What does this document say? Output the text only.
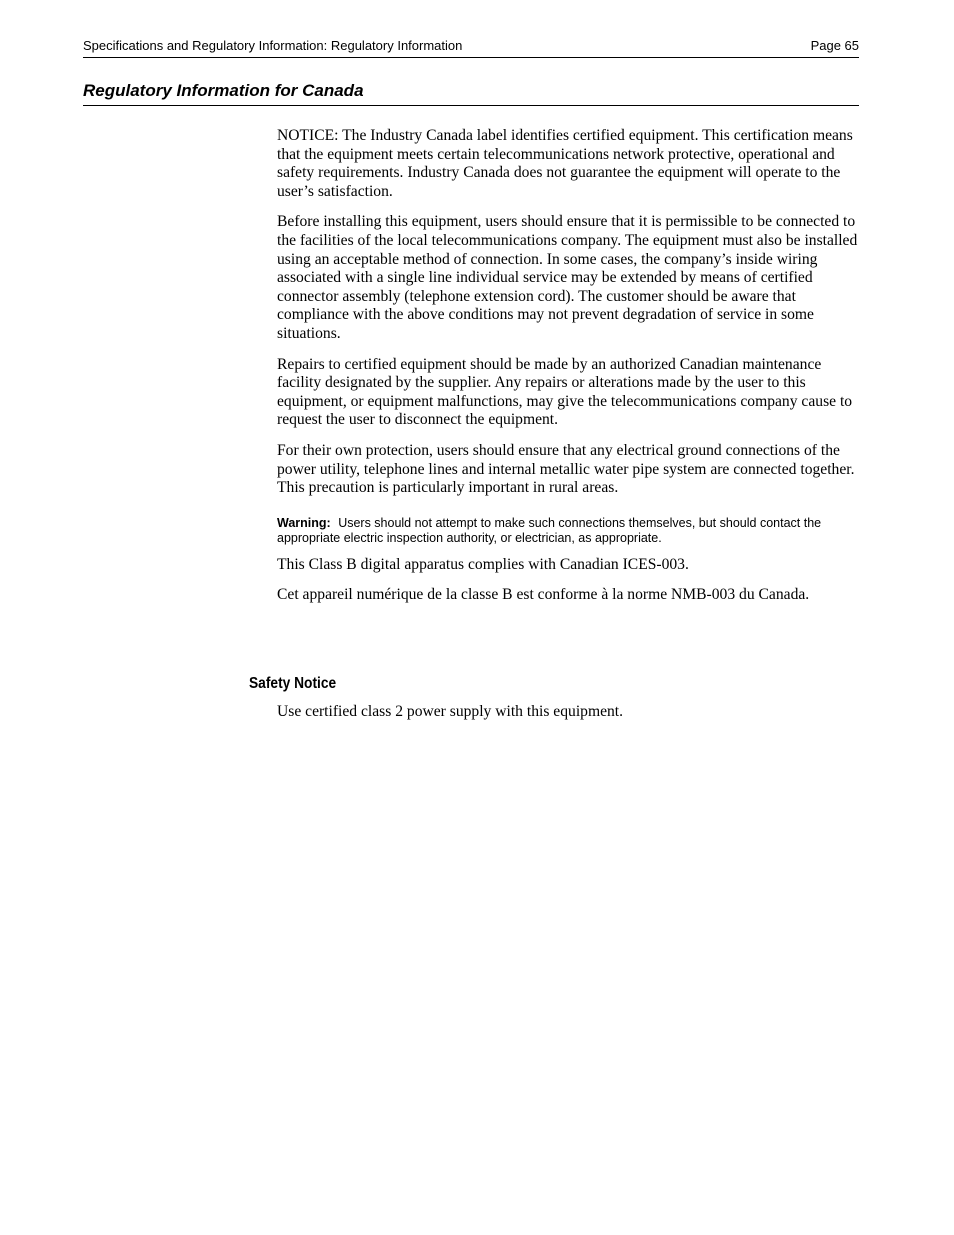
Specifications and Regulatory Information: Regulatory Information	Page 65
Regulatory Information for Canada

NOTICE: The Industry Canada label identifies certified equipment. This certification means that the equipment meets certain telecommunications network protective, operational and safety requirements. Industry Canada does not guarantee the equipment will operate to the user’s satisfaction.

Before installing this equipment, users should ensure that it is permissible to be connected to the facilities of the local telecommunications company. The equipment must also be installed using an acceptable method of connection. In some cases, the company’s inside wiring associated with a single line individual service may be extended by means of certified connector assembly (telephone extension cord). The customer should be aware that compliance with the above conditions may not prevent degradation of service in some situations.

Repairs to certified equipment should be made by an authorized Canadian maintenance facility designated by the supplier. Any repairs or alterations made by the user to this equipment, or equipment malfunctions, may give the telecommunications company cause to request the user to disconnect the equipment.

For their own protection, users should ensure that any electrical ground connections of the power utility, telephone lines and internal metallic water pipe system are connected together. This precaution is particularly important in rural areas.

Warning: Users should not attempt to make such connections themselves, but should contact the appropriate electric inspection authority, or electrician, as appropriate.

This Class B digital apparatus complies with Canadian ICES-003.

Cet appareil numérique de la classe B est conforme à la norme NMB-003 du Canada.

Safety Notice
Use certified class 2 power supply with this equipment.
